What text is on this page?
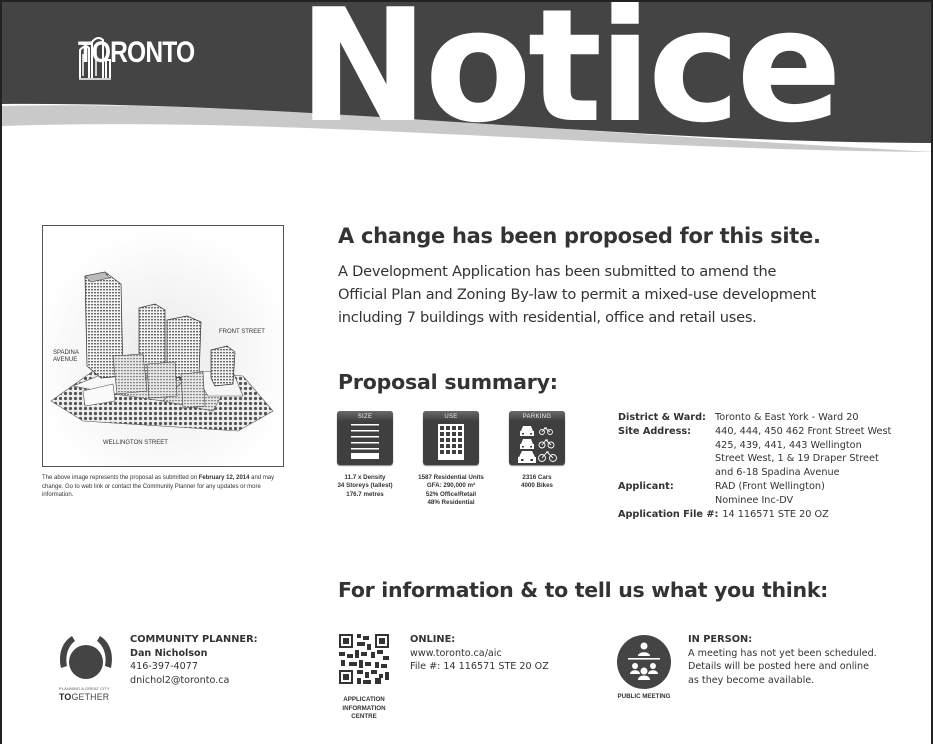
TORONTO Notice
FRONT STREET
SPADINA
AVENUE
WELLINGTON STREET
The above image represents the proposal as submitted on February 12, 2014 and may change. Go to web link or contact the Community Planner for any updates or more information.
A change has been proposed for this site.
A Development Application has been submitted to amend the
Official Plan and Zoning By-law to permit a mixed-use development
including 7 buildings with residential, office and retail uses.
Proposal summary:
SIZE
11.7 x Density
34 Storeys (tallest)
176.7 metres
USE
1587 Residential Units
GFA: 290,000 m²
52% Office/Retail
48% Residential
PARKING
2316 Cars
4000 Bikes
District & Ward: Toronto & East York - Ward 20
Site Address:	440, 444, 450 462 Front Street West
425, 439, 441, 443 Wellington
Street West, 1 & 19 Draper Street
and 6-18 Spadina Avenue
Applicant:	RAD (Front Wellington)
Nominee Inc-DV
Application File #: 14 116571 STE 20 OZ
For information & to tell us what you think:
PLANNING A GREAT CITY
TOGETHER
COMMUNITY PLANNER:
Dan Nicholson
416-397-4077
dnichol2@toronto.ca
APPLICATION
INFORMATION
CENTRE
ONLINE:
www.toronto.ca/aic
File #: 14 116571 STE 20 OZ
PUBLIC MEETING
IN PERSON:
A meeting has not yet been scheduled.
Details will be posted here and online
as they become available.
